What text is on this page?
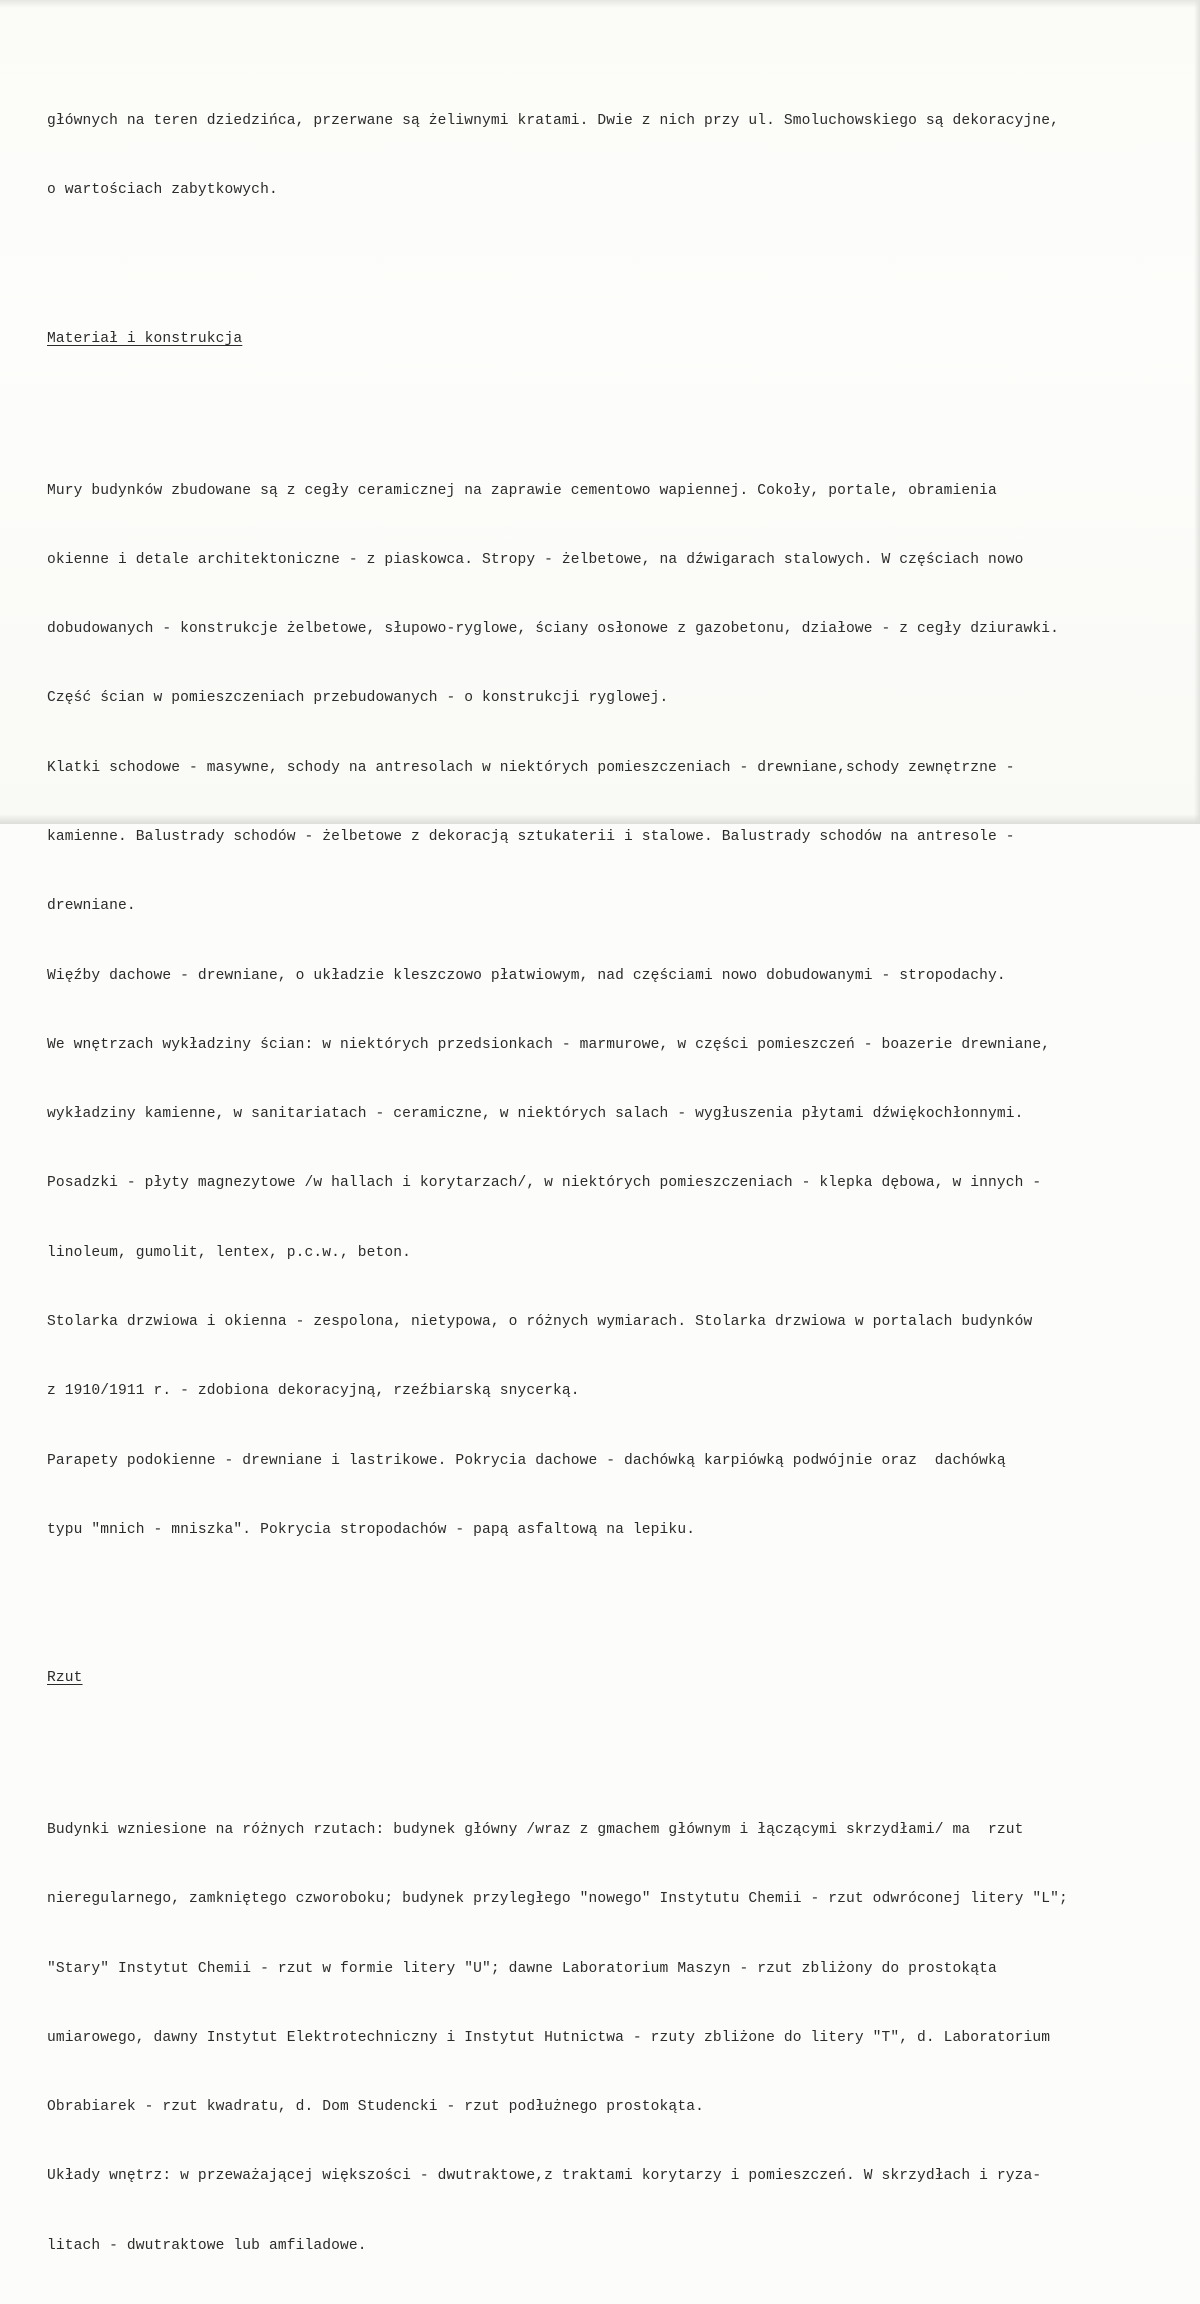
głównych na teren dziedzińca, przerwane są żeliwnymi kratami. Dwie z nich przy ul. Smoluchowskiego są dekoracyjne,

o wartościach zabytkowych.

Materiał i konstrukcja

Mury budynków zbudowane są z cegły ceramicznej na zaprawie cementowo wapiennej. Cokoły, portale, obramienia

okienne i detale architektoniczne - z piaskowca. Stropy - żelbetowe, na dźwigarach stalowych. W częściach nowo

dobudowanych - konstrukcje żelbetowe, słupowo-ryglowe, ściany osłonowe z gazobetonu, działowe - z cegły dziurawki.

Część ścian w pomieszczeniach przebudowanych - o konstrukcji ryglowej.

Klatki schodowe - masywne, schody na antresolach w niektórych pomieszczeniach - drewniane,schody zewnętrzne -

kamienne. Balustrady schodów - żelbetowe z dekoracją sztukaterii i stalowe. Balustrady schodów na antresole -

drewniane.

Więźby dachowe - drewniane, o układzie kleszczowo płatwiowym, nad częściami nowo dobudowanymi - stropodachy.

We wnętrzach wykładziny ścian: w niektórych przedsionkach - marmurowe, w części pomieszczeń - boazerie drewniane,

wykładziny kamienne, w sanitariatach - ceramiczne, w niektórych salach - wygłuszenia płytami dźwiękochłonnymi.

Posadzki - płyty magnezytowe /w hallach i korytarzach/, w niektórych pomieszczeniach - klepka dębowa, w innych -

linoleum, gumolit, lentex, p.c.w., beton.

Stolarka drzwiowa i okienna - zespolona, nietypowa, o różnych wymiarach. Stolarka drzwiowa w portalach budynków

z 1910/1911 r. - zdobiona dekoracyjną, rzeźbiarską snycerką.

Parapety podokienne - drewniane i lastrikowe. Pokrycia dachowe - dachówką karpiówką podwójnie oraz  dachówką

typu "mnich - mniszka". Pokrycia stropodachów - papą asfaltową na lepiku.

Rzut

Budynki wzniesione na różnych rzutach: budynek główny /wraz z gmachem głównym i łączącymi skrzydłami/ ma  rzut

nieregularnego, zamkniętego czworoboku; budynek przyległego "nowego" Instytutu Chemii - rzut odwróconej litery "L";

"Stary" Instytut Chemii - rzut w formie litery "U"; dawne Laboratorium Maszyn - rzut zbliżony do prostokąta

umiarowego, dawny Instytut Elektrotechniczny i Instytut Hutnictwa - rzuty zbliżone do litery "T", d. Laboratorium

Obrabiarek - rzut kwadratu, d. Dom Studencki - rzut podłużnego prostokąta.

Układy wnętrz: w przeważającej większości - dwutraktowe,z traktami korytarzy i pomieszczeń. W skrzydłach i ryza-

litach - dwutraktowe lub amfiladowe.
